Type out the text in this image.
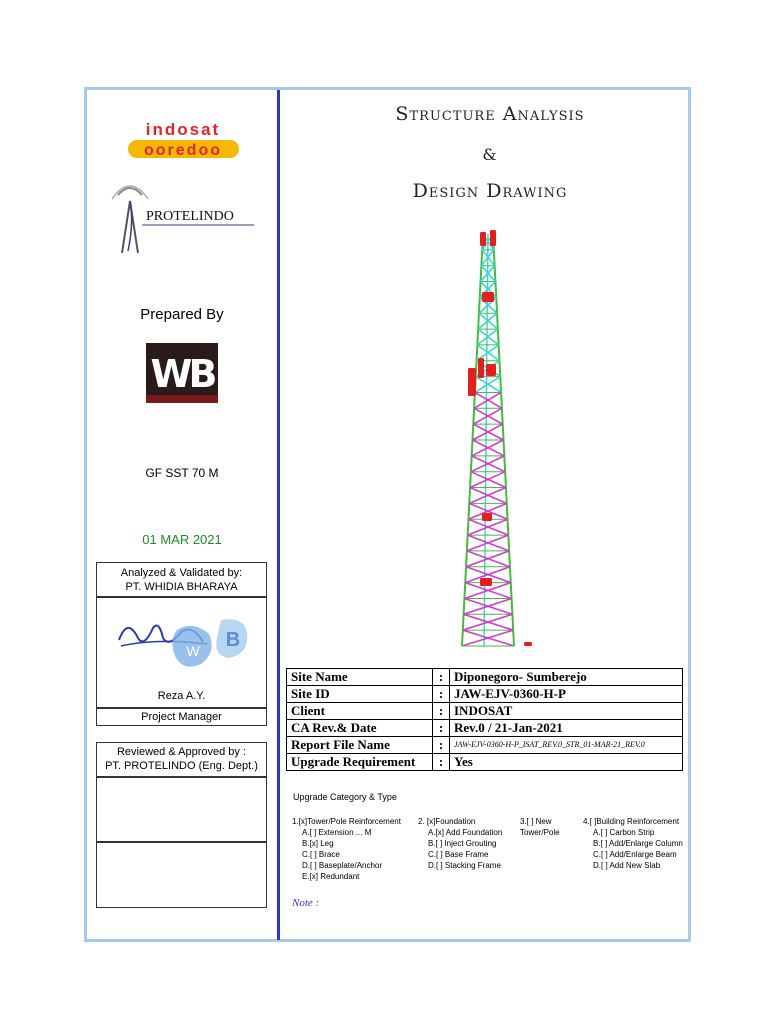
indosat
ooredoo
PROTELINDO
Prepared By
WB
GF SST 70 M
01 MAR 2021
Analyzed & Validated by:
PT. WHIDIA BHARAYA
W B
Reza A.Y.
Project Manager
Reviewed & Approved by :
PT. PROTELINDO (Eng. Dept.)
Structure Analysis
&
Design Drawing
Site Name	:	Diponegoro- Sumberejo
Site ID	:	JAW-EJV-0360-H-P
Client	:	INDOSAT
CA Rev.& Date	:	Rev.0 / 21-Jan-2021
Report File Name	:	JAW-EJV-0360-H-P_ISAT_REV.0_STR_01-MAR-21_REV.0
Upgrade Requirement	:	Yes
Upgrade Category & Type
1.[x]Tower/Pole Reinforcement
A.[ ] Extension ... M
B.[x] Leg
C.[ ] Brace
D.[ ] Baseplate/Anchor
E.[x] Redundant
2. [x]Foundation
A.[x] Add Foundation
B.[ ] Inject Grouting
C.[ ] Base Frame
D.[ ] Stacking Frame
3.[ ] New
Tower/Pole
4.[ ]Building Reinforcement
A.[ ] Carbon Strip
B.[ ] Add/Enlarge Column
C.[ ] Add/Enlarge Beam
D.[ ] Add New Slab
Note :
